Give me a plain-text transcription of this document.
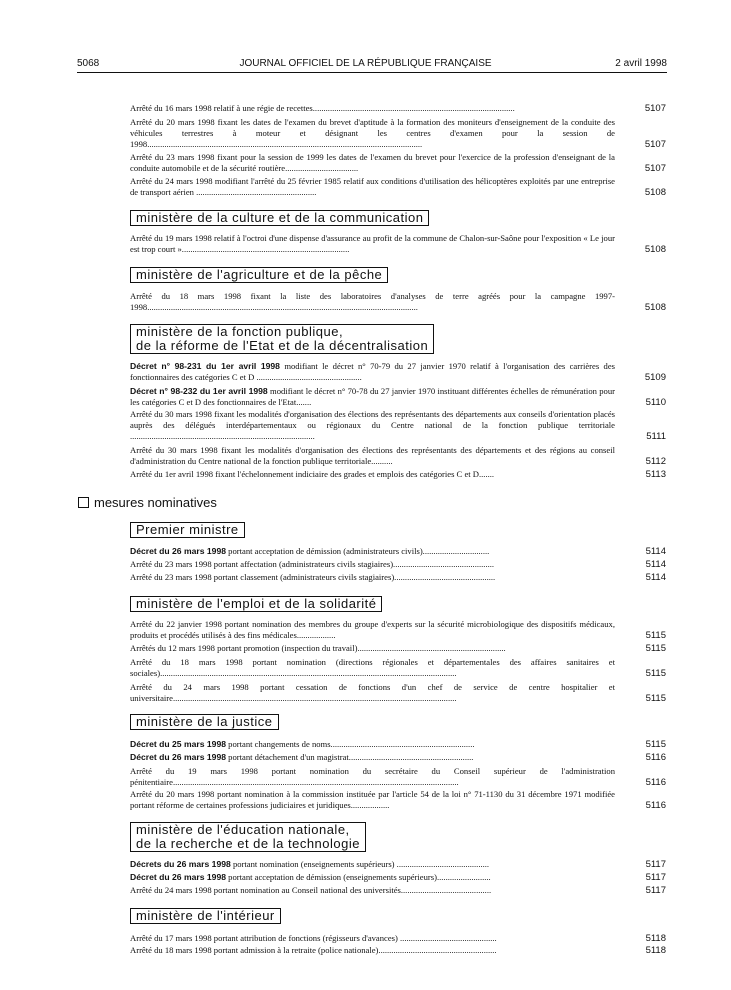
5068	JOURNAL OFFICIEL DE LA RÉPUBLIQUE FRANÇAISE	2 avril 1998
Arrêté du 16 mars 1998 relatif à une régie de recettes..............................................................................................	5107
Arrêté du 20 mars 1998 fixant les dates de l'examen du brevet d'aptitude à la formation des moniteurs d'enseignement de la conduite des véhicules terrestres à moteur et désignant les centres d'examen pour la session de 1998................................................................................................................................	5107
Arrêté du 23 mars 1998 fixant pour la session de 1999 les dates de l'examen du brevet pour l'exercice de la profession d'enseignant de la conduite automobile et de la sécurité routière..................................	5107
Arrêté du 24 mars 1998 modifiant l'arrêté du 25 février 1985 relatif aux conditions d'utilisation des hélicoptères exploités par une entreprise de transport aérien ........................................................	5108
ministère de la culture et de la communication
Arrêté du 19 mars 1998 relatif à l'octroi d'une dispense d'assurance au profit de la commune de Chalon-sur-Saône pour l'exposition « Le jour est trop court »..............................................................................	5108
ministère de l'agriculture et de la pêche
Arrêté du 18 mars 1998 fixant la liste des laboratoires d'analyses de terre agréés pour la campagne 1997-1998..............................................................................................................................	5108
ministère de la fonction publique,
de la réforme de l'Etat et de la décentralisation
Décret n° 98-231 du 1er avril 1998 modifiant le décret n° 70-79 du 27 janvier 1970 relatif à l'organisation des carrières des fonctionnaires des catégories C et D .................................................	5109
Décret n° 98-232 du 1er avril 1998 modifiant le décret n° 70-78 du 27 janvier 1970 instituant différentes échelles de rémunération pour les catégories C et D des fonctionnaires de l'Etat.......	5110
Arrêté du 30 mars 1998 fixant les modalités d'organisation des élections des représentants des départements aux conseils d'orientation placés auprès des délégués interdépartementaux ou régionaux du Centre national de la fonction publique territoriale ......................................................................................	5111
Arrêté du 30 mars 1998 fixant les modalités d'organisation des élections des représentants des départements et des régions au conseil d'administration du Centre national de la fonction publique territoriale..........	5112
Arrêté du 1er avril 1998 fixant l'échelonnement indiciaire des grades et emplois des catégories C et D.......	5113
mesures nominatives
Premier ministre
Décret du 26 mars 1998 portant acceptation de démission (administrateurs civils)...............................	5114
Arrêté du 23 mars 1998 portant affectation (administrateurs civils stagiaires)...............................................	5114
Arrêté du 23 mars 1998 portant classement (administrateurs civils stagiaires)...............................................	5114
ministère de l'emploi et de la solidarité
Arrêté du 22 janvier 1998 portant nomination des membres du groupe d'experts sur la sécurité microbiologique des dispositifs médicaux, produits et procédés utilisés à des fins médicales..................	5115
Arrêtés du 12 mars 1998 portant promotion (inspection du travail).....................................................................	5115
Arrêté du 18 mars 1998 portant nomination (directions régionales et départementales des affaires sanitaires et sociales)..........................................................................................................................................	5115
Arrêté du 24 mars 1998 portant cessation de fonctions d'un chef de service de centre hospitalier et universitaire....................................................................................................................................	5115
ministère de la justice
Décret du 25 mars 1998 portant changements de noms...................................................................	5115
Décret du 26 mars 1998 portant détachement d'un magistrat..........................................................	5116
Arrêté du 19 mars 1998 portant nomination du secrétaire du Conseil supérieur de l'administration pénitentiaire.....................................................................................................................................	5116
Arrêté du 20 mars 1998 portant nomination à la commission instituée par l'article 54 de la loi n° 71-1130 du 31 décembre 1971 modifiée portant réforme de certaines professions judiciaires et juridiques..................	5116
ministère de l'éducation nationale,
de la recherche et de la technologie
Décrets du 26 mars 1998 portant nomination (enseignements supérieurs) ...........................................	5117
Décret du 26 mars 1998 portant acceptation de démission (enseignements supérieurs).........................	5117
Arrêté du 24 mars 1998 portant nomination au Conseil national des universités..........................................	5117
ministère de l'intérieur
Arrêté du 17 mars 1998 portant attribution de fonctions (régisseurs d'avances) .............................................	5118
Arrêté du 18 mars 1998 portant admission à la retraite (police nationale).......................................................	5118
